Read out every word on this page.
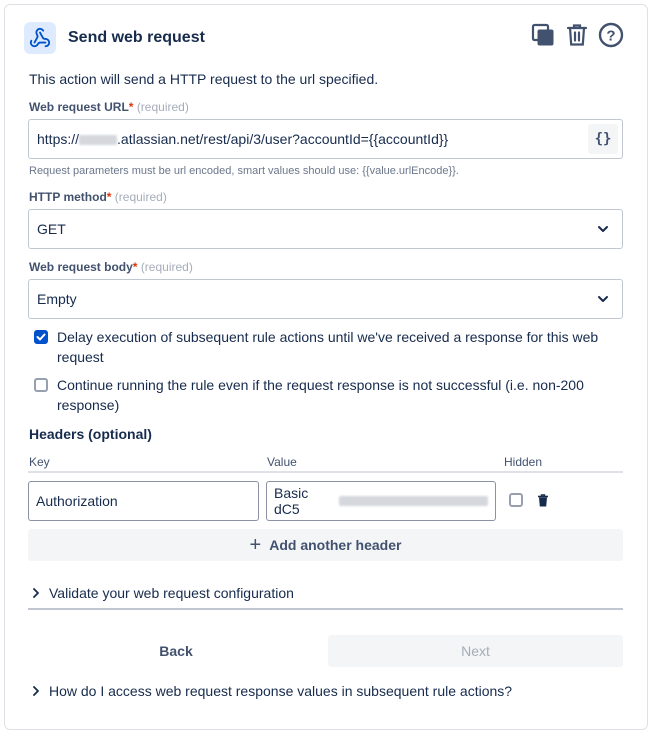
Send web request	?
This action will send a HTTP request to the url specified.
Web request URL* (required)
https://	.atlassian.net/rest/api/3/user?accountId={{accountId}}	{}
Request parameters must be url encoded, smart values should use: {{value.urlEncode}}.
HTTP method* (required)
GET
Web request body* (required)
Empty
Delay execution of subsequent rule actions until we've received a response for this web request
Continue running the rule even if the request response is not successful (i.e. non-200 response)
Headers (optional)
Key	Value	Hidden
Authorization	Basic dC5
+ Add another header
Validate your web request configuration
Back	Next
How do I access web request response values in subsequent rule actions?
